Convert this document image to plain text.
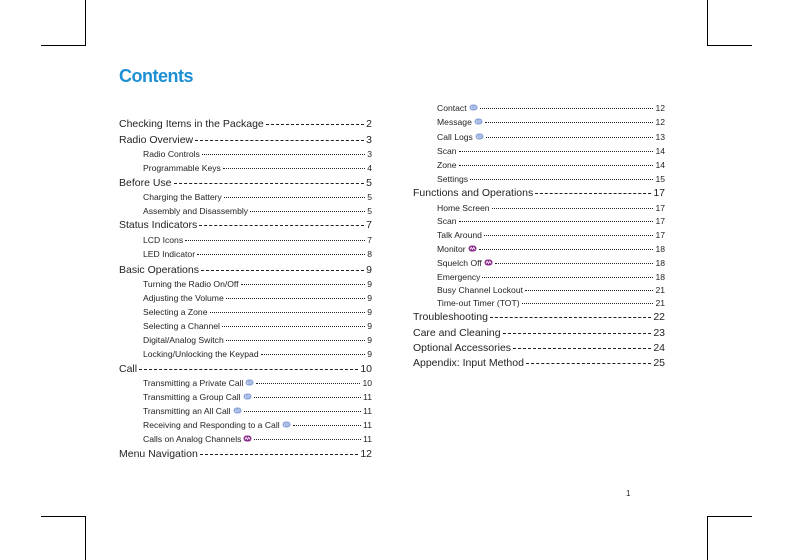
Contents
Checking Items in the Package	2
Radio Overview	3
Radio Controls	3
Programmable Keys	4
Before Use	5
Charging the Battery	5
Assembly and Disassembly	5
Status Indicators	7
LCD Icons	7
LED Indicator	8
Basic Operations	9
Turning the Radio On/Off	9
Adjusting the Volume	9
Selecting a Zone	9
Selecting a Channel	9
Digital/Analog Switch	9
Locking/Unlocking the Keypad	9
Call	10
Transmitting a Private Call DT	10
Transmitting a Group Call DT	11
Transmitting an All Call DT	11
Receiving and Responding to a Call DT	11
Calls on Analog Channels	11
Menu Navigation	12
Contact DT	12
Message DT	12
Call Logs DT	13
Scan	14
Zone	14
Settings	15
Functions and Operations	17
Home Screen	17
Scan	17
Talk Around	17
Monitor	18
Squelch Off	18
Emergency	18
Busy Channel Lockout	21
Time-out Timer (TOT)	21
Troubleshooting	22
Care and Cleaning	23
Optional Accessories	24
Appendix: Input Method	25
1
